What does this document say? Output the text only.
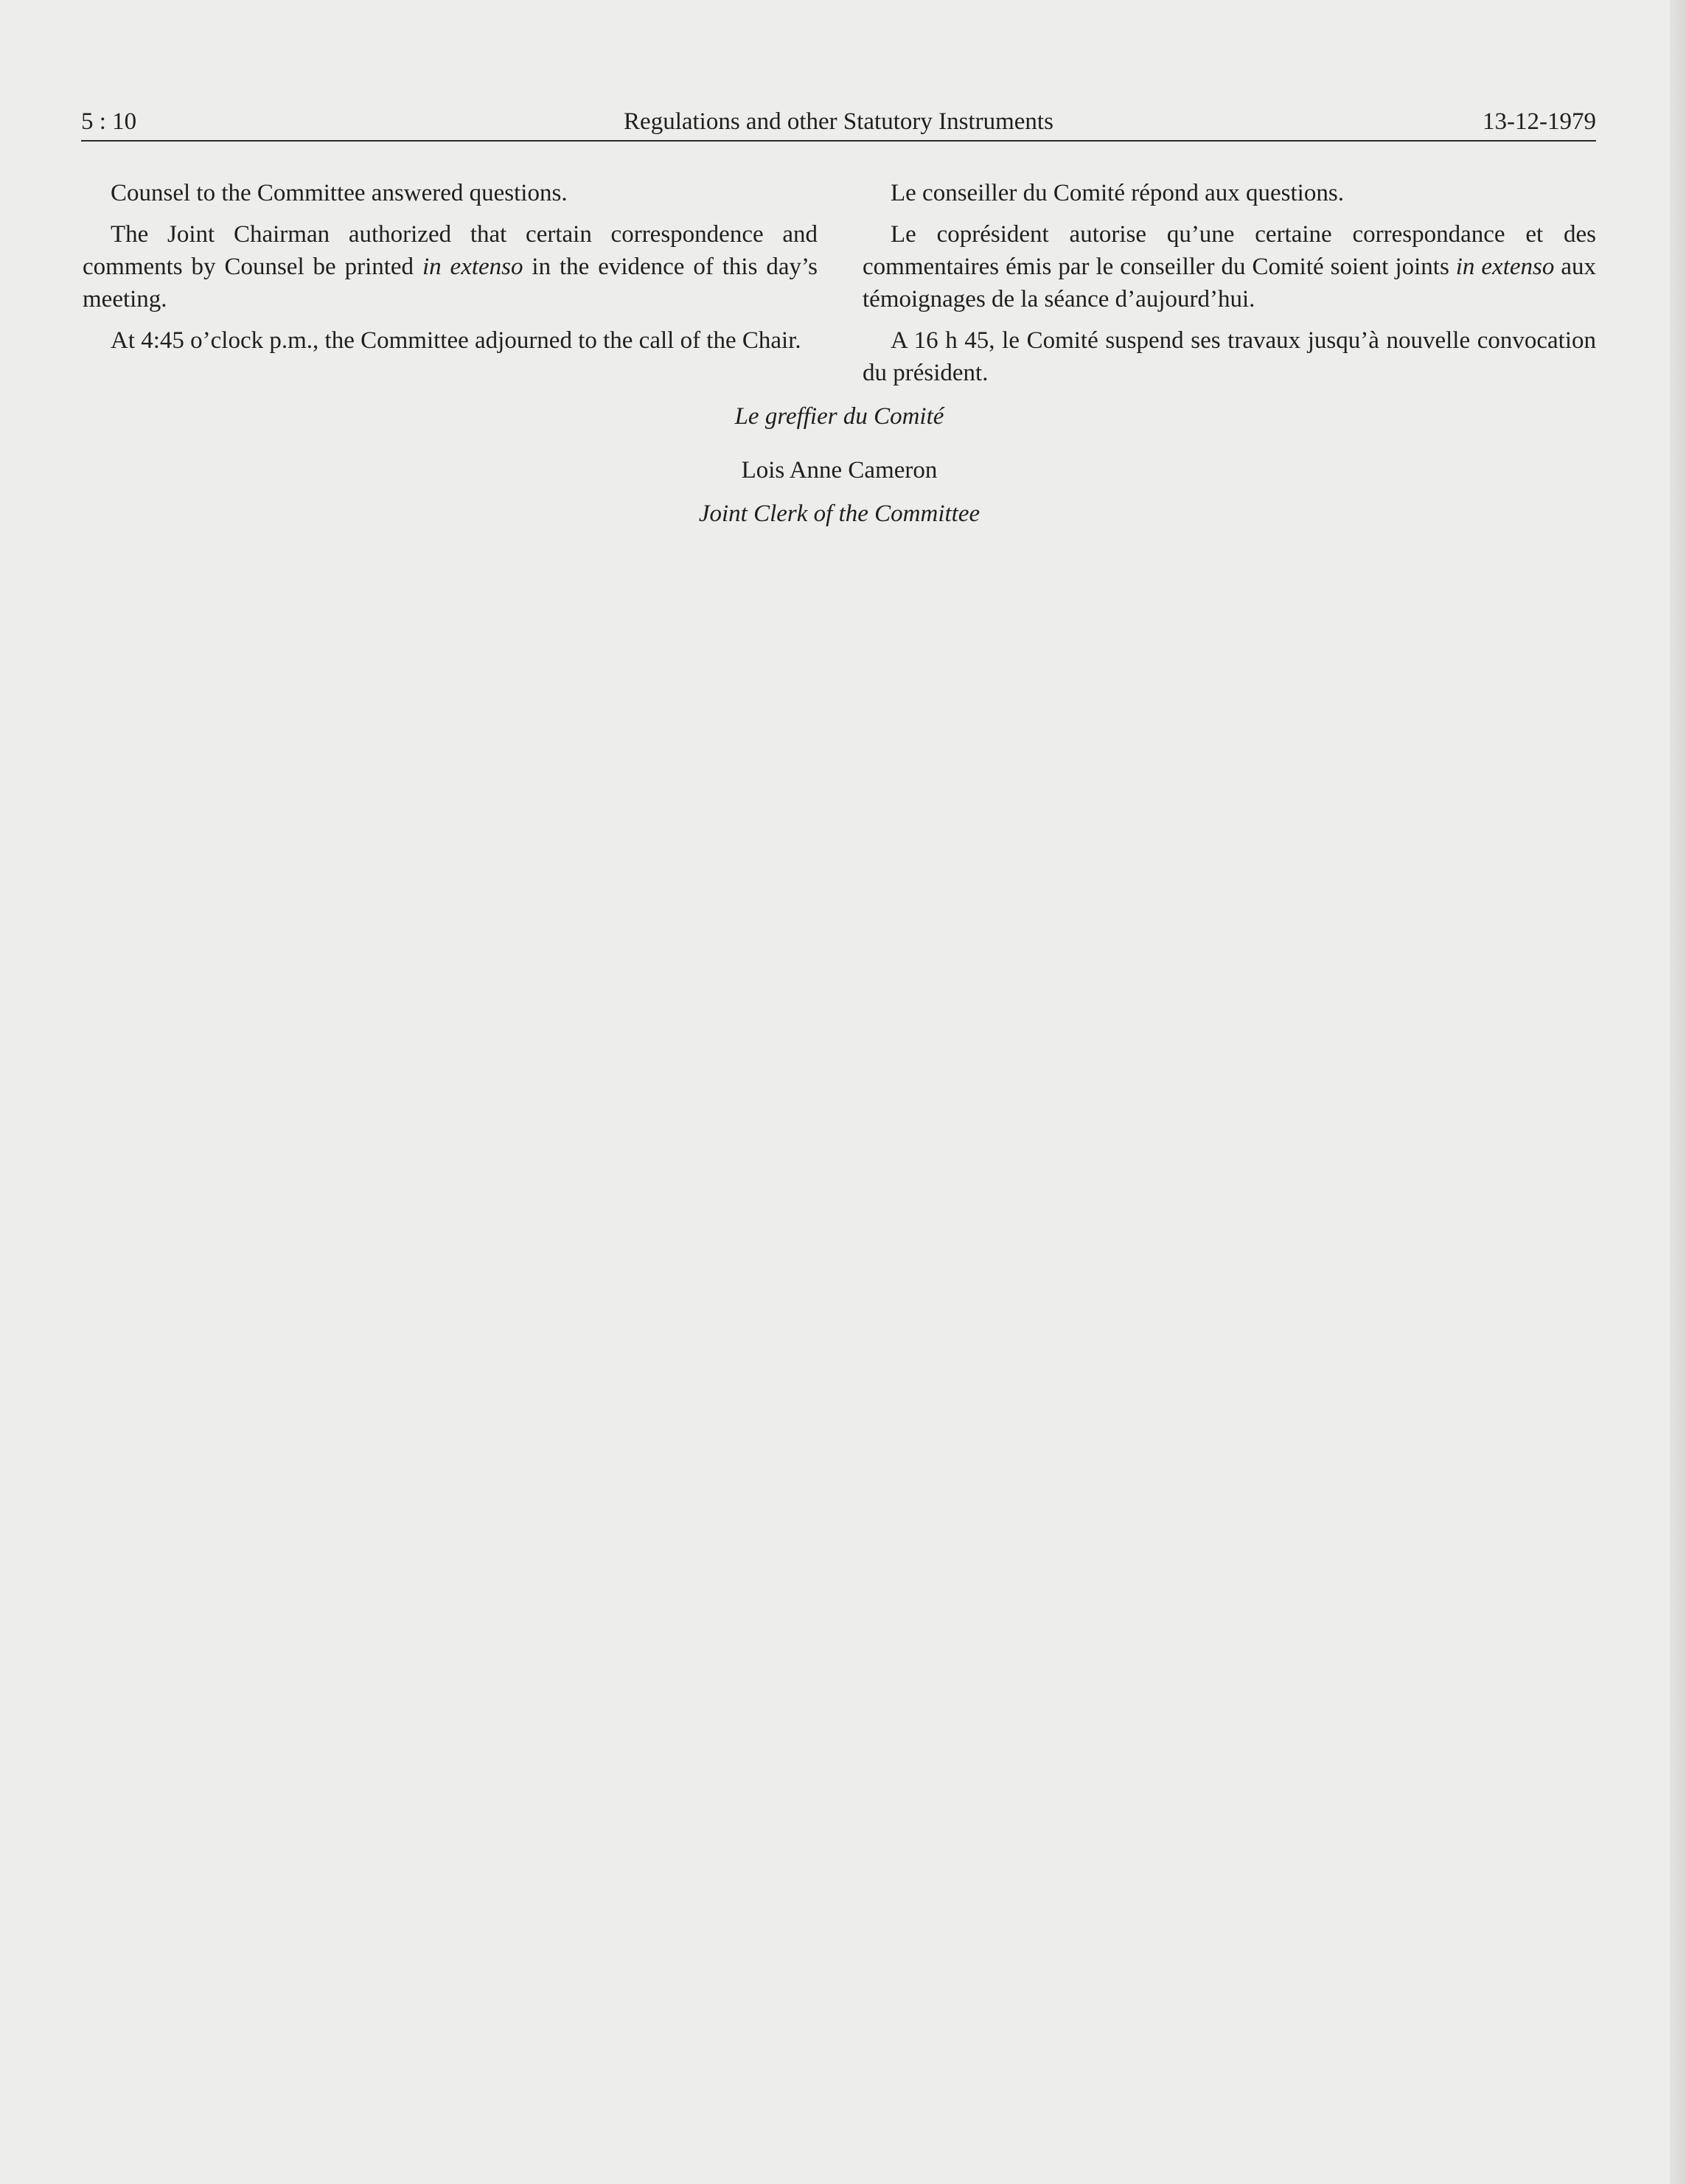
5 : 10	Regulations and other Statutory Instruments	13-12-1979

Counsel to the Committee answered questions.

The Joint Chairman authorized that certain correspondence and comments by Counsel be printed in extenso in the evidence of this day’s meeting.

At 4:45 o’clock p.m., the Committee adjourned to the call of the Chair.

Le conseiller du Comité répond aux questions.

Le coprésident autorise qu’une certaine correspondance et des commentaires émis par le conseiller du Comité soient joints in extenso aux témoignages de la séance d’aujourd’hui.

A 16 h 45, le Comité suspend ses travaux jusqu’à nouvelle convocation du président.

Le greffier du Comité
Lois Anne Cameron
Joint Clerk of the Committee
